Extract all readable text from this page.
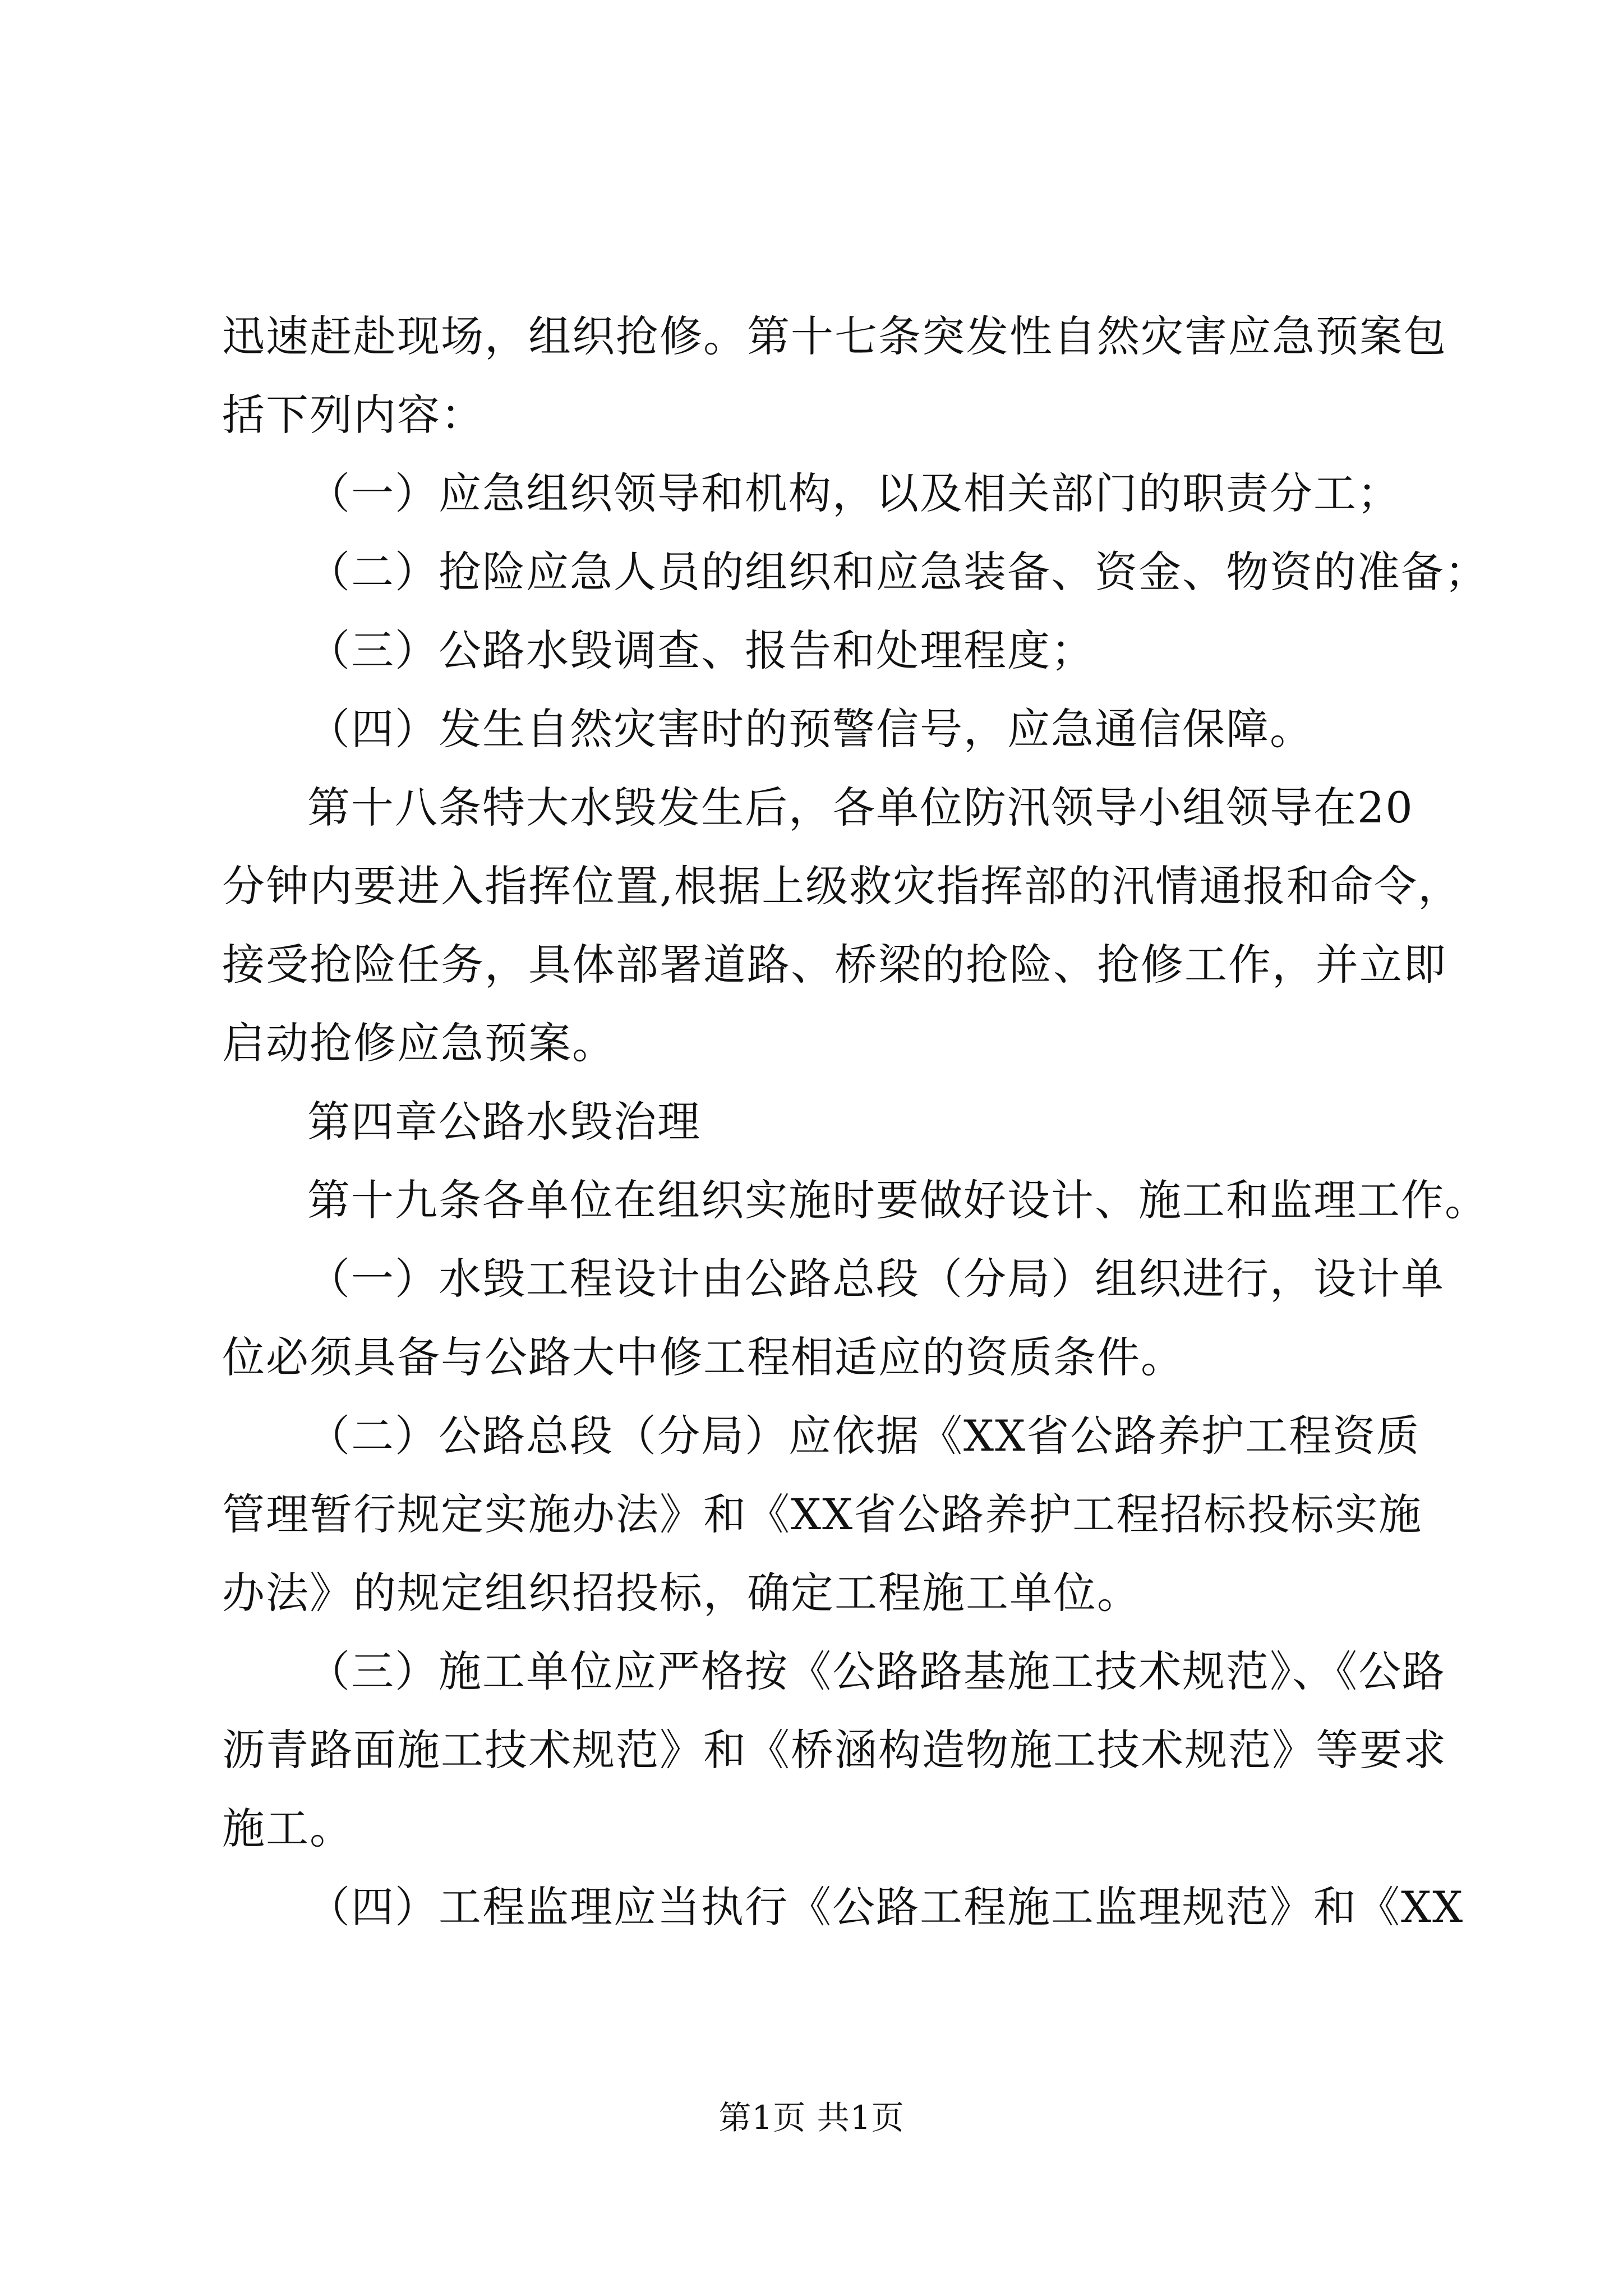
迅速赶赴现场，组织抢修。第十七条突发性自然灾害应急预案包

括下列内容：

（一）应急组织领导和机构，以及相关部门的职责分工；

（二）抢险应急人员的组织和应急装备、资金、物资的准备；

（三）公路水毁调查、报告和处理程度；

（四）发生自然灾害时的预警信号，应急通信保障。

第十八条特大水毁发生后，各单位防汛领导小组领导在20

分钟内要进入指挥位置,根据上级救灾指挥部的汛情通报和命令，

接受抢险任务，具体部署道路、桥梁的抢险、抢修工作，并立即

启动抢修应急预案。

第四章公路水毁治理

第十九条各单位在组织实施时要做好设计、施工和监理工作。

（一）水毁工程设计由公路总段（分局）组织进行，设计单

位必须具备与公路大中修工程相适应的资质条件。

（二）公路总段（分局）应依据《XX省公路养护工程资质

管理暂行规定实施办法》和《XX省公路养护工程招标投标实施

办法》的规定组织招投标，确定工程施工单位。

（三）施工单位应严格按《公路路基施工技术规范》、《公路

沥青路面施工技术规范》和《桥涵构造物施工技术规范》等要求

施工。

（四）工程监理应当执行《公路工程施工监理规范》和《XX

第1页 共1页
